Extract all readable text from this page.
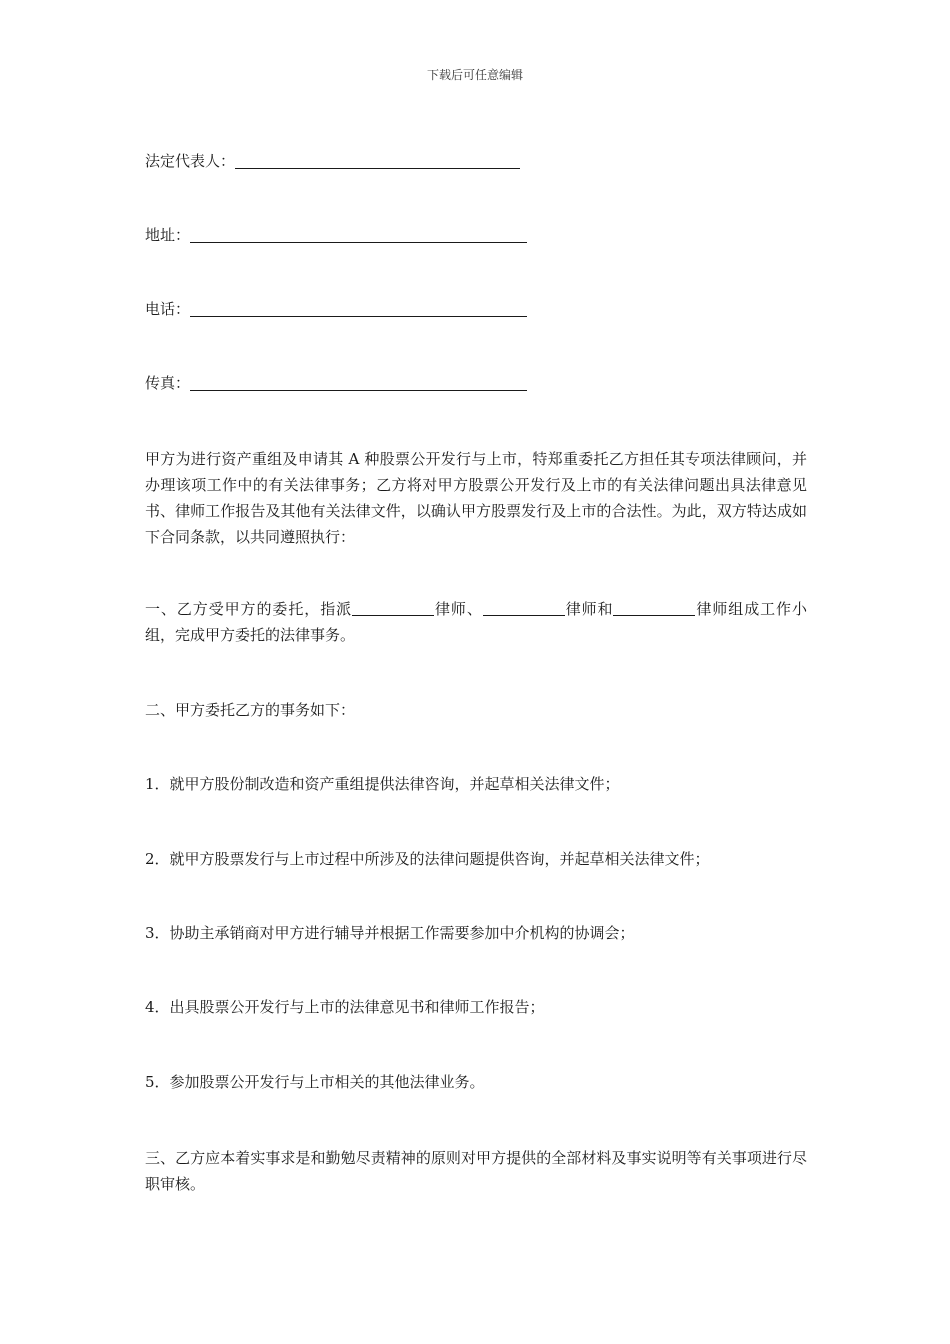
下载后可任意编辑
法定代表人：
地址：
电话：
传真：
甲方为进行资产重组及申请其 A 种股票公开发行与上市，特郑重委托乙方担任其专项法律顾问，并办理该项工作中的有关法律事务；乙方将对甲方股票公开发行及上市的有关法律问题出具法律意见书、律师工作报告及其他有关法律文件，以确认甲方股票发行及上市的合法性。为此，双方特达成如下合同条款，以共同遵照执行：
一、乙方受甲方的委托，指派	律师、	律师和	律师组成工作小组，完成甲方委托的法律事务。
二、甲方委托乙方的事务如下：
1．就甲方股份制改造和资产重组提供法律咨询，并起草相关法律文件；
2．就甲方股票发行与上市过程中所涉及的法律问题提供咨询，并起草相关法律文件；
3．协助主承销商对甲方进行辅导并根据工作需要参加中介机构的协调会；
4．出具股票公开发行与上市的法律意见书和律师工作报告；
5．参加股票公开发行与上市相关的其他法律业务。
三、乙方应本着实事求是和勤勉尽责精神的原则对甲方提供的全部材料及事实说明等有关事项进行尽职审核。
